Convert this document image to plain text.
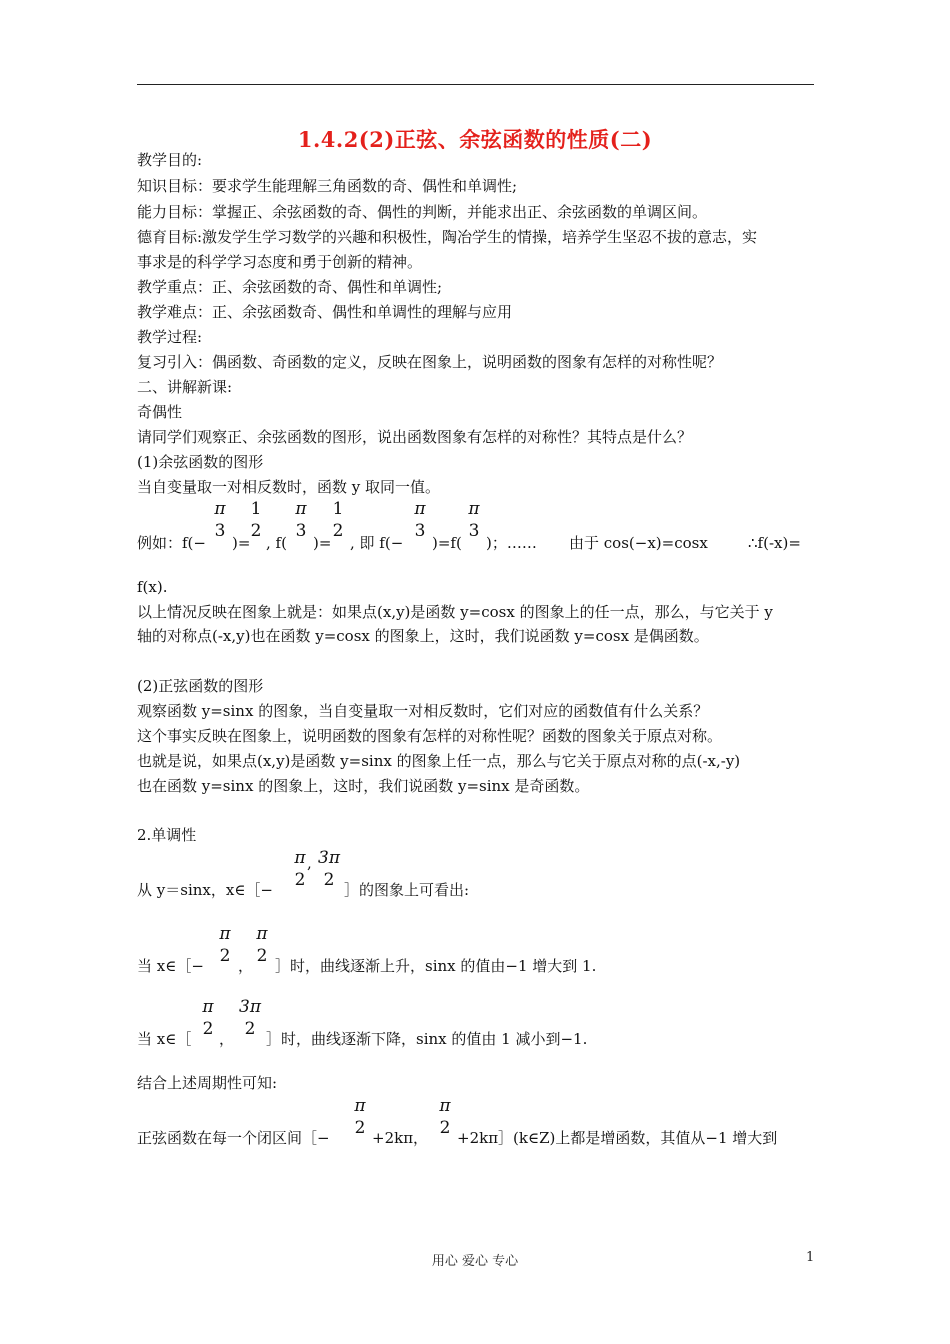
1.4.2(2)正弦、余弦函数的性质(二)
教学目的:
知识目标：要求学生能理解三角函数的奇、偶性和单调性;
能力目标：掌握正、余弦函数的奇、偶性的判断，并能求出正、余弦函数的单调区间。
德育目标:激发学生学习数学的兴趣和积极性，陶冶学生的情操，培养学生坚忍不拔的意志，实
事求是的科学学习态度和勇于创新的精神。
教学重点：正、余弦函数的奇、偶性和单调性;
教学难点：正、余弦函数奇、偶性和单调性的理解与应用
教学过程:
复习引入：偶函数、奇函数的定义，反映在图象上，说明函数的图象有怎样的对称性呢？
二、讲解新课:
奇偶性
请同学们观察正、余弦函数的图形，说出函数图象有怎样的对称性？其特点是什么？
(1)余弦函数的图形
当自变量取一对相反数时，函数 y 取同一值。
例如：f(−
π
3
)=
1
2
, f(
π
3
)=
1
2
, 即 f(−
π
3
)=f(
π
3
)；…… 由于 cos(−x)=cosx	∴f(-x)=
f(x).
以上情况反映在图象上就是：如果点(x,y)是函数 y=cosx 的图象上的任一点，那么，与它关于 y
轴的对称点(-x,y)也在函数 y=cosx 的图象上，这时，我们说函数 y=cosx 是偶函数。
(2)正弦函数的图形
观察函数 y=sinx 的图象，当自变量取一对相反数时，它们对应的函数值有什么关系？
这个事实反映在图象上，说明函数的图象有怎样的对称性呢？函数的图象关于原点对称。
也就是说，如果点(x,y)是函数 y=sinx 的图象上任一点，那么与它关于原点对称的点(-x,-y)
也在函数 y=sinx 的图象上，这时，我们说函数 y=sinx 是奇函数。
2.单调性
从 y＝sinx，x∈［−
π
2
, 3π
2 ］的图象上可看出:
当 x∈［−
π
2 ，
π
2 ］时，曲线逐渐上升，sinx 的值由−1 增大到 1.
当 x∈［
π
2 ，
3π
2 ］时，曲线逐渐下降，sinx 的值由 1 减小到−1.
结合上述周期性可知:
正弦函数在每一个闭区间［−
π
2 +2kπ，
π
2 +2kπ］(k∈Z)上都是增函数，其值从−1 增大到
用心 爱心 专心	1
